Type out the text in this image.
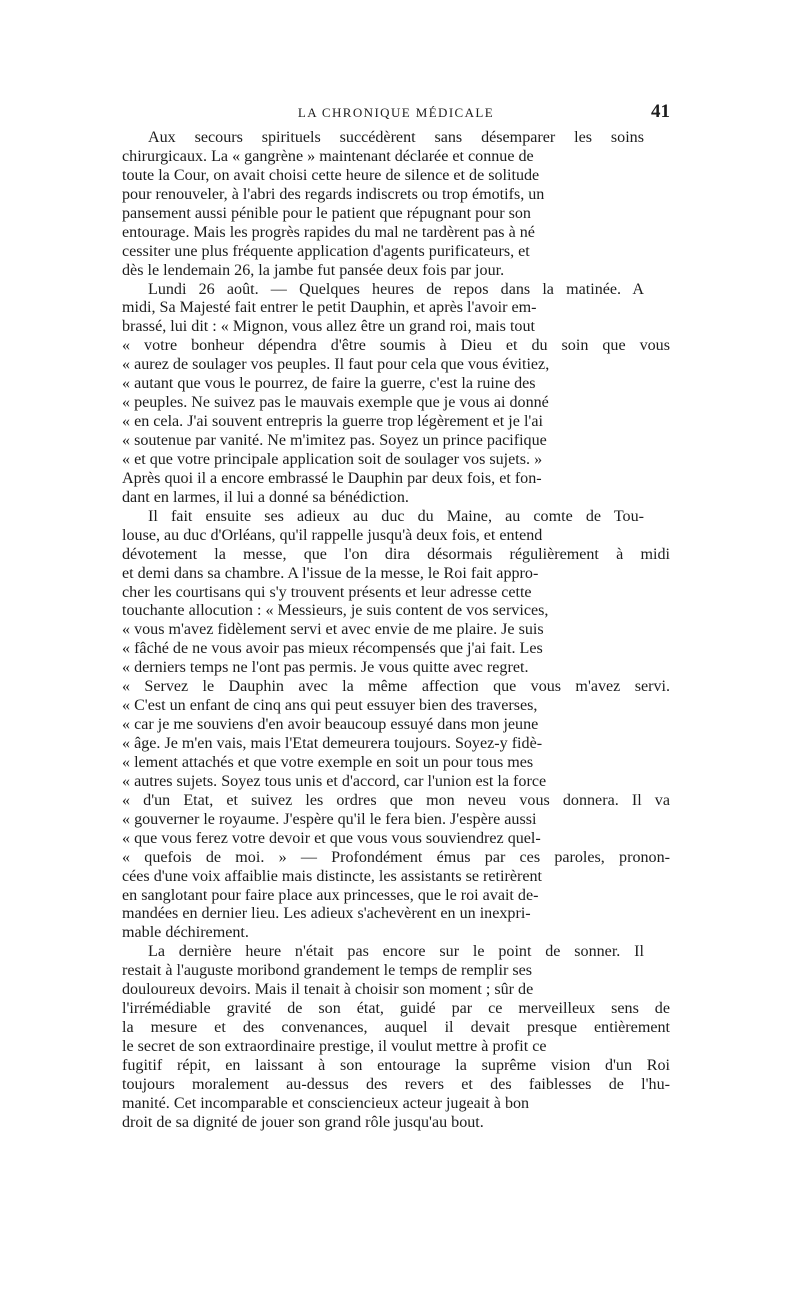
LA CHRONIQUE MÉDICALE	41
Aux secours spirituels succédèrent sans désemparer les soins
chirurgicaux. La « gangrène » maintenant déclarée et connue de
toute la Cour, on avait choisi cette heure de silence et de solitude
pour renouveler, à l'abri des regards indiscrets ou trop émotifs, un
pansement aussi pénible pour le patient que répugnant pour son
entourage. Mais les progrès rapides du mal ne tardèrent pas à né
cessiter une plus fréquente application d'agents purificateurs, et
dès le lendemain 26, la jambe fut pansée deux fois par jour.
Lundi 26 août. — Quelques heures de repos dans la matinée. A
midi, Sa Majesté fait entrer le petit Dauphin, et après l'avoir em-
brassé, lui dit : « Mignon, vous allez être un grand roi, mais tout
« votre bonheur dépendra d'être soumis à Dieu et du soin que vous
« aurez de soulager vos peuples. Il faut pour cela que vous évitiez,
« autant que vous le pourrez, de faire la guerre, c'est la ruine des
« peuples. Ne suivez pas le mauvais exemple que je vous ai donné
« en cela. J'ai souvent entrepris la guerre trop légèrement et je l'ai
« soutenue par vanité. Ne m'imitez pas. Soyez un prince pacifique
« et que votre principale application soit de soulager vos sujets. »
Après quoi il a encore embrassé le Dauphin par deux fois, et fon-
dant en larmes, il lui a donné sa bénédiction.
Il fait ensuite ses adieux au duc du Maine, au comte de Tou-
louse, au duc d'Orléans, qu'il rappelle jusqu'à deux fois, et entend
dévotement la messe, que l'on dira désormais régulièrement à midi
et demi dans sa chambre. A l'issue de la messe, le Roi fait appro-
cher les courtisans qui s'y trouvent présents et leur adresse cette
touchante allocution : « Messieurs, je suis content de vos services,
« vous m'avez fidèlement servi et avec envie de me plaire. Je suis
« fâché de ne vous avoir pas mieux récompensés que j'ai fait. Les
« derniers temps ne l'ont pas permis. Je vous quitte avec regret.
« Servez le Dauphin avec la même affection que vous m'avez servi.
« C'est un enfant de cinq ans qui peut essuyer bien des traverses,
« car je me souviens d'en avoir beaucoup essuyé dans mon jeune
« âge. Je m'en vais, mais l'Etat demeurera toujours. Soyez-y fidè-
« lement attachés et que votre exemple en soit un pour tous mes
« autres sujets. Soyez tous unis et d'accord, car l'union est la force
« d'un Etat, et suivez les ordres que mon neveu vous donnera. Il va
« gouverner le royaume. J'espère qu'il le fera bien. J'espère aussi
« que vous ferez votre devoir et que vous vous souviendrez quel-
« quefois de moi. » — Profondément émus par ces paroles, pronon-
cées d'une voix affaiblie mais distincte, les assistants se retirèrent
en sanglotant pour faire place aux princesses, que le roi avait de-
mandées en dernier lieu. Les adieux s'achevèrent en un inexpri-
mable déchirement.
La dernière heure n'était pas encore sur le point de sonner. Il
restait à l'auguste moribond grandement le temps de remplir ses
douloureux devoirs. Mais il tenait à choisir son moment ; sûr de
l'irrémédiable gravité de son état, guidé par ce merveilleux sens de
la mesure et des convenances, auquel il devait presque entièrement
le secret de son extraordinaire prestige, il voulut mettre à profit ce
fugitif répit, en laissant à son entourage la suprême vision d'un Roi
toujours moralement au-dessus des revers et des faiblesses de l'hu-
manité. Cet incomparable et consciencieux acteur jugeait à bon
droit de sa dignité de jouer son grand rôle jusqu'au bout.
